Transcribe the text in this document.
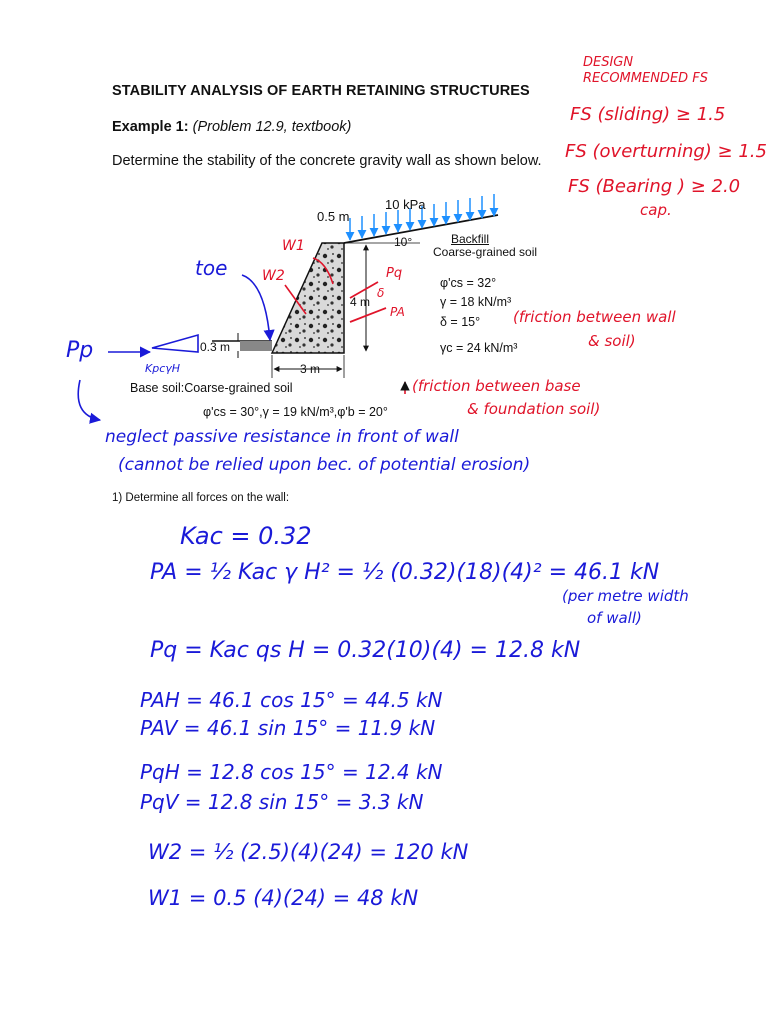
STABILITY ANALYSIS OF EARTH RETAINING STRUCTURES
Example 1: (Problem 12.9, textbook)
Determine the stability of the concrete gravity wall as shown below.
1) Determine all forces on the wall:
DESIGN
RECOMMENDED FS
FS (sliding) ≥ 1.5
FS (overturning) ≥ 1.5
FS (Bearing ) ≥ 2.0
cap.
0.5 m
10 kPa
10°	Backfill
Coarse-grained soil
4 m
0.3 m
3 m
Base soil:Coarse-grained soil
φ'cs = 32°
γ = 18 kN/m³
δ = 15°
γc = 24 kN/m³
φ'cs = 30°,γ = 19 kN/m³,φ'b = 20°
toe
W1
W2	Pq
δ
PA
Pp
KpcγH
(friction between wall
& soil)
(friction between base
& foundation soil)
neglect passive resistance in front of wall
(cannot be relied upon bec. of potential erosion)
Kac = 0.32
PA = ½ Kac γ H² = ½ (0.32)(18)(4)² = 46.1 kN
(per metre width
of wall)
Pq = Kac qs H = 0.32(10)(4) = 12.8 kN
PAH = 46.1 cos 15° = 44.5 kN
PAV = 46.1 sin 15° = 11.9 kN
PqH = 12.8 cos 15° = 12.4 kN
PqV = 12.8 sin 15° = 3.3 kN
W2 = ½ (2.5)(4)(24) = 120 kN
W1 = 0.5 (4)(24) = 48 kN
